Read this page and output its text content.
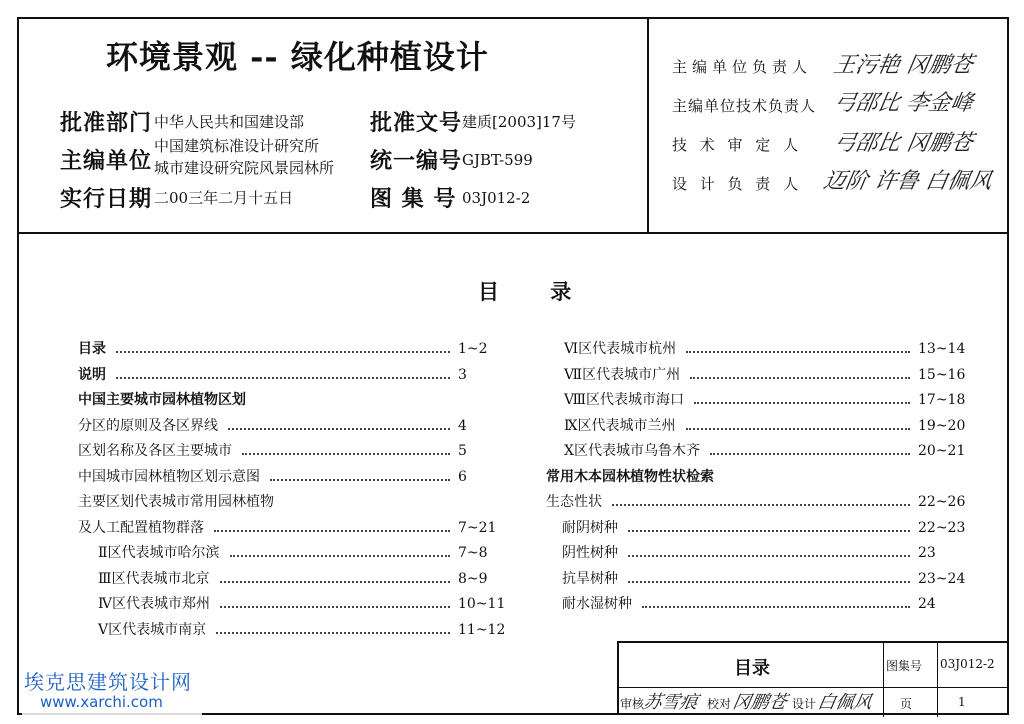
环境景观 -- 绿化种植设计
批准部门 中华人民共和国建设部
主编单位
中国建筑标准设计研究所
城市建设研究院风景园林所
实行日期 二00三年二月十五日
批准文号 建质[2003]17号
统一编号 GJBT-599
图 集 号 03J012-2
主编单位负责人 王污艳 冈鹏苍
主编单位技术负责人 弓邵比 李金峰
技 术 审 定 人 弓邵比 冈鹏苍
设 计 负 责 人 迈阶 许鲁 白佩风
目 录
目录	1~2
说明	3
中国主要城市园林植物区划
分区的原则及各区界线	4
区划名称及各区主要城市	5
中国城市园林植物区划示意图	6
主要区划代表城市常用园林植物
及人工配置植物群落	7~21
Ⅱ区代表城市哈尔滨	7~8
Ⅲ区代表城市北京	8~9
Ⅳ区代表城市郑州	10~11
Ⅴ区代表城市南京	11~12
Ⅵ区代表城市杭州	13~14
Ⅶ区代表城市广州	15~16
Ⅷ区代表城市海口	17~18
Ⅸ区代表城市兰州	19~20
Ⅹ区代表城市乌鲁木齐	20~21
常用木本园林植物性状检索
生态性状	22~26
耐阴树种	22~23
阴性树种	23
抗旱树种	23~24
耐水湿树种	24
目录	图集号 03J012-2
审核
苏雪痕 校对 冈鹏苍 设计 白佩风 页	1
埃克思建筑设计网
www.xarchi.com
